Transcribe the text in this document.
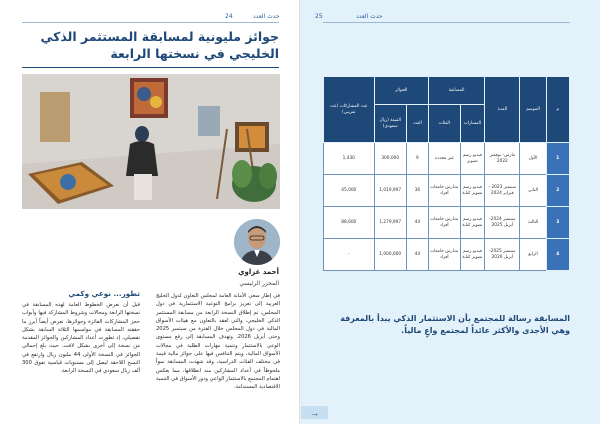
حدث العدد
24
جوائز مليونية لمسابقة المستثمر الذكي الخليجي في نسختها الرابعة
أحمد غزاوي
المحرر الرئيسي
تطور... نوعي وكمي	في إطار سعي الأمانة العامة لمجلس التعاون لدول الخليج العربية إلى تعزيز برامج التوعية الاستثمارية في دول المجلس، تم إطلاق النسخة الرابعة من مسابقة المستثمر الذكي الخليجي، والتي تُعقد بالتعاون مع هيئات الأسواق المالية في دول المجلس خلال الفترة من سبتمبر 2025 وحتى أبريل 2026، وتهدف المسابقة إلى رفع مستوى الوعي بالاستثمار وتنمية مهارات الطلبة في مجالات الأسواق المالية، ويتم التنافس فيها على جوائز مالية قيمة في مختلف الفئات الدراسية، وقد شهدت المسابقة نمواً ملحوظاً في أعداد المشاركين منذ انطلاقها، مما يعكس اهتمام المجتمع بالاستثمار الواعي ودور الأسواق في التنمية الاقتصادية المستدامة.
قبل أن نعرض الخطوط العامة لهذه المسابقة في نسختها الرابعة ومجالات وشروط المشاركة فيها وأبواب حجز المشاركات الفائزة وجوائزها، نعرض أيضاً أبرز ما حققته المسابقة في مواسمها الثلاثة السابقة بشكل تفصيلي، إذ تطورت أعداد المشاركين والجوائز المقدمة من نسخة إلى أخرى بشكل لافت، حيث بلغ إجمالي الجوائز في النسخة الأولى 44 مليون ريال وارتفع في النسخ اللاحقة ليصل إلى مستويات قياسية تفوق 300 ألف ريال سعودي في النسخة الرابعة.
حدث العدد
25
م	الموسم	المدة	المسابقة		الجوائز		عدد المشاركات (عدد تقريبي)
			المسارات	الفئات	العدد	القيمة (ريال سعودي)	
1	الأول	مارس- نوفمبر 2022	فيديو رسم تصوير	غير محددة	9	300,000	1,430
2	الثاني	سبتمبر 2023 - فبراير 2024	فيديو رسم تصوير كتابة	مدارس جامعات أفراد	36	1,019,997	45,000
3	الثالث	سبتمبر 2024- أبريل 2025	فيديو رسم تصوير كتابة	مدارس جامعات أفراد	44	1,279,997	88,600
4	الرابع	سبتمبر 2025- أبريل 2026	فيديو رسم تصوير كتابة	مدارس جامعات أفراد	44	1,000,000	-
المسابقة رسالة للمجتمع بأن الاستثمار الذكي يبدأ بالمعرفة وهي الأجدى والأكثر عائداً لمجتمع واعٍ مالياً.
→
